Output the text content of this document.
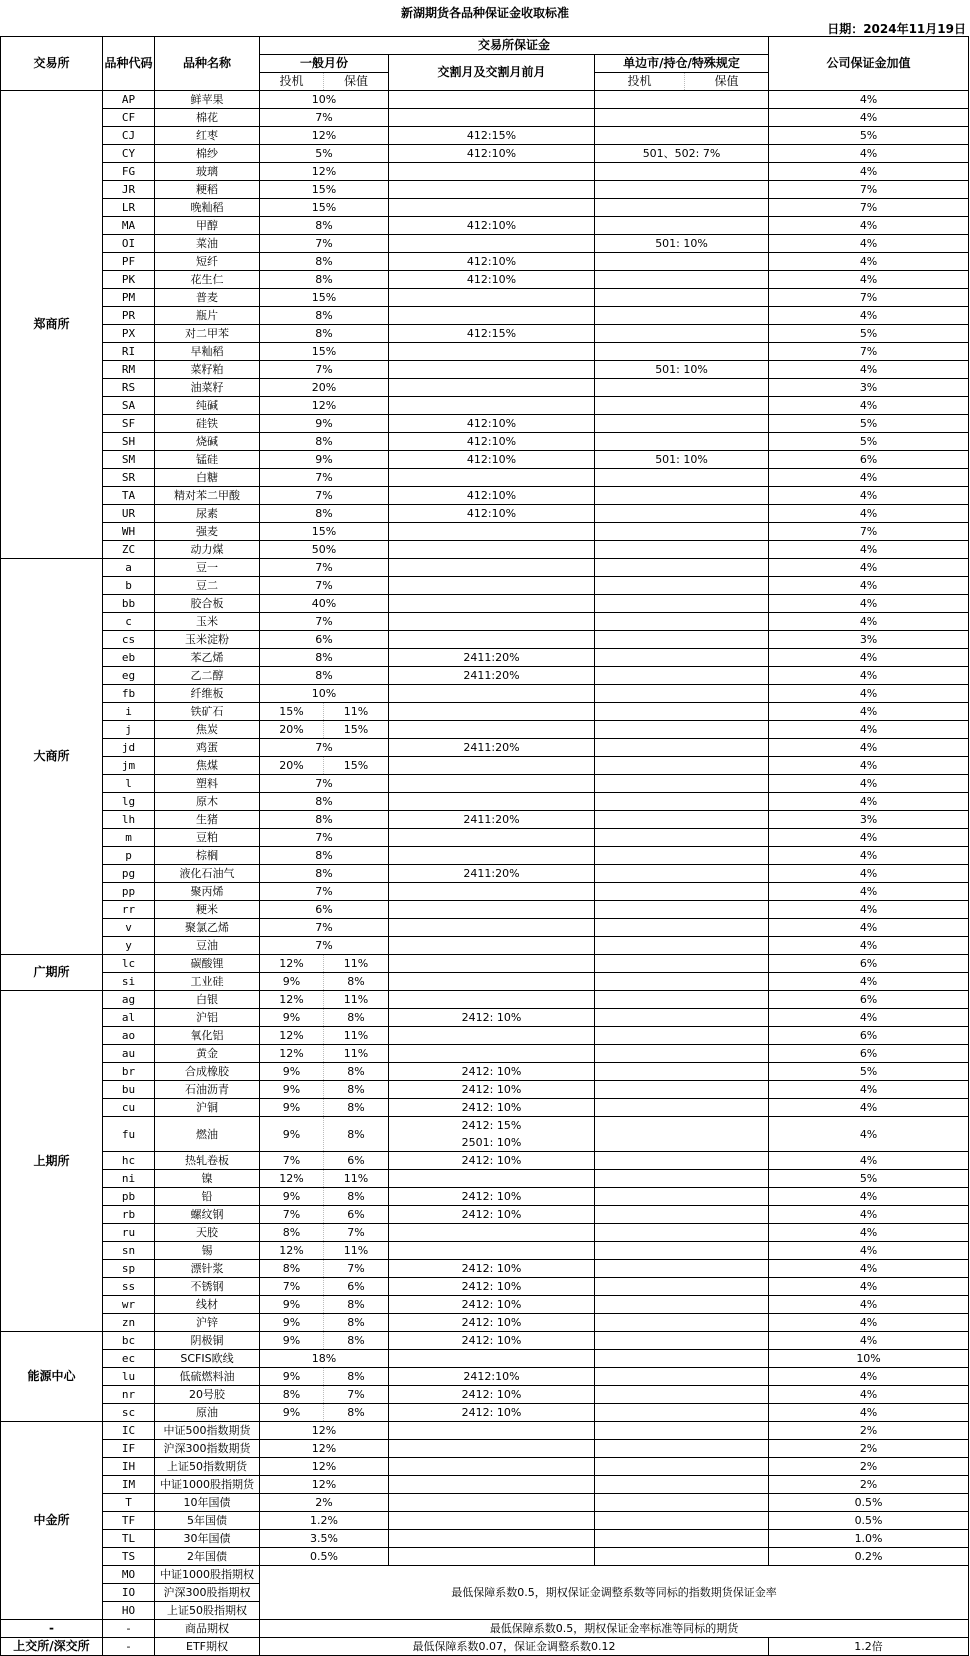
新湖期货各品种保证金收取标准
日期：2024年11月19日
交易所	品种代码	品种名称	交易所保证金					公司保证金加值
			一般月份		交割月及交割月前月	单边市/持仓/特殊规定		
			投机	保值		投机	保值	
郑商所	AP	鲜苹果	10%					4%
	CF	棉花	7%					4%
	CJ	红枣	12%		412:15%			5%
	CY	棉纱	5%		412:10%	501、502: 7%		4%
	FG	玻璃	12%					4%
	JR	粳稻	15%					7%
	LR	晚籼稻	15%					7%
	MA	甲醇	8%		412:10%			4%
	OI	菜油	7%			501: 10%		4%
	PF	短纤	8%		412:10%			4%
	PK	花生仁	8%		412:10%			4%
	PM	普麦	15%					7%
	PR	瓶片	8%					4%
	PX	对二甲苯	8%		412:15%			5%
	RI	早籼稻	15%					7%
	RM	菜籽粕	7%			501: 10%		4%
	RS	油菜籽	20%					3%
	SA	纯碱	12%					4%
	SF	硅铁	9%		412:10%			5%
	SH	烧碱	8%		412:10%			5%
	SM	锰硅	9%		412:10%	501: 10%		6%
	SR	白糖	7%					4%
	TA	精对苯二甲酸	7%		412:10%			4%
	UR	尿素	8%		412:10%			4%
	WH	强麦	15%					7%
	ZC	动力煤	50%					4%
大商所	a	豆一	7%					4%
	b	豆二	7%					4%
	bb	胶合板	40%					4%
	c	玉米	7%					4%
	cs	玉米淀粉	6%					3%
	eb	苯乙烯	8%		2411:20%			4%
	eg	乙二醇	8%		2411:20%			4%
	fb	纤维板	10%					4%
	i	铁矿石	15%	11%				4%
	j	焦炭	20%	15%				4%
	jd	鸡蛋	7%		2411:20%			4%
	jm	焦煤	20%	15%				4%
	l	塑料	7%					4%
	lg	原木	8%					4%
	lh	生猪	8%		2411:20%			3%
	m	豆粕	7%					4%
	p	棕榈	8%					4%
	pg	液化石油气	8%		2411:20%			4%
	pp	聚丙烯	7%					4%
	rr	粳米	6%					4%
	v	聚氯乙烯	7%					4%
	y	豆油	7%					4%
广期所	lc	碳酸锂	12%	11%				6%
	si	工业硅	9%	8%				4%
上期所	ag	白银	12%	11%				6%
	al	沪铝	9%	8%	2412: 10%			4%
	ao	氧化铝	12%	11%				6%
	au	黄金	12%	11%				6%
	br	合成橡胶	9%	8%	2412: 10%			5%
	bu	石油沥青	9%	8%	2412: 10%			4%
	cu	沪铜	9%	8%	2412: 10%			4%
	fu	燃油	9%	8%	2412: 15%
2501: 10%			4%
	hc	热轧卷板	7%	6%	2412: 10%			4%
	ni	镍	12%	11%				5%
	pb	铅	9%	8%	2412: 10%			4%
	rb	螺纹钢	7%	6%	2412: 10%			4%
	ru	天胶	8%	7%				4%
	sn	锡	12%	11%				4%
	sp	漂针浆	8%	7%	2412: 10%			4%
	ss	不锈钢	7%	6%	2412: 10%			4%
	wr	线材	9%	8%	2412: 10%			4%
	zn	沪锌	9%	8%	2412: 10%			4%
能源中心	bc	阴极铜	9%	8%	2412: 10%			4%
	ec	SCFIS欧线	18%					10%
	lu	低硫燃料油	9%	8%	2412:10%			4%
	nr	20号胶	8%	7%	2412: 10%			4%
	sc	原油	9%	8%	2412: 10%			4%
中金所	IC	中证500指数期货	12%					2%
	IF	沪深300指数期货	12%					2%
	IH	上证50指数期货	12%					2%
	IM	中证1000股指期货	12%					2%
	T	10年国债	2%					0.5%
	TF	5年国债	1.2%					0.5%
	TL	30年国债	3.5%					1.0%
	TS	2年国债	0.5%					0.2%
	MO	中证1000股指期权	最低保障系数0.5，期权保证金调整系数等同标的指数期货保证金率					
	IO	沪深300股指期权						
	HO	上证50股指期权						
-	-	商品期权	最低保障系数0.5，期权保证金率标准等同标的期货					
上交所/深交所	-	ETF期权	最低保障系数0.07，保证金调整系数0.12					1.2倍
